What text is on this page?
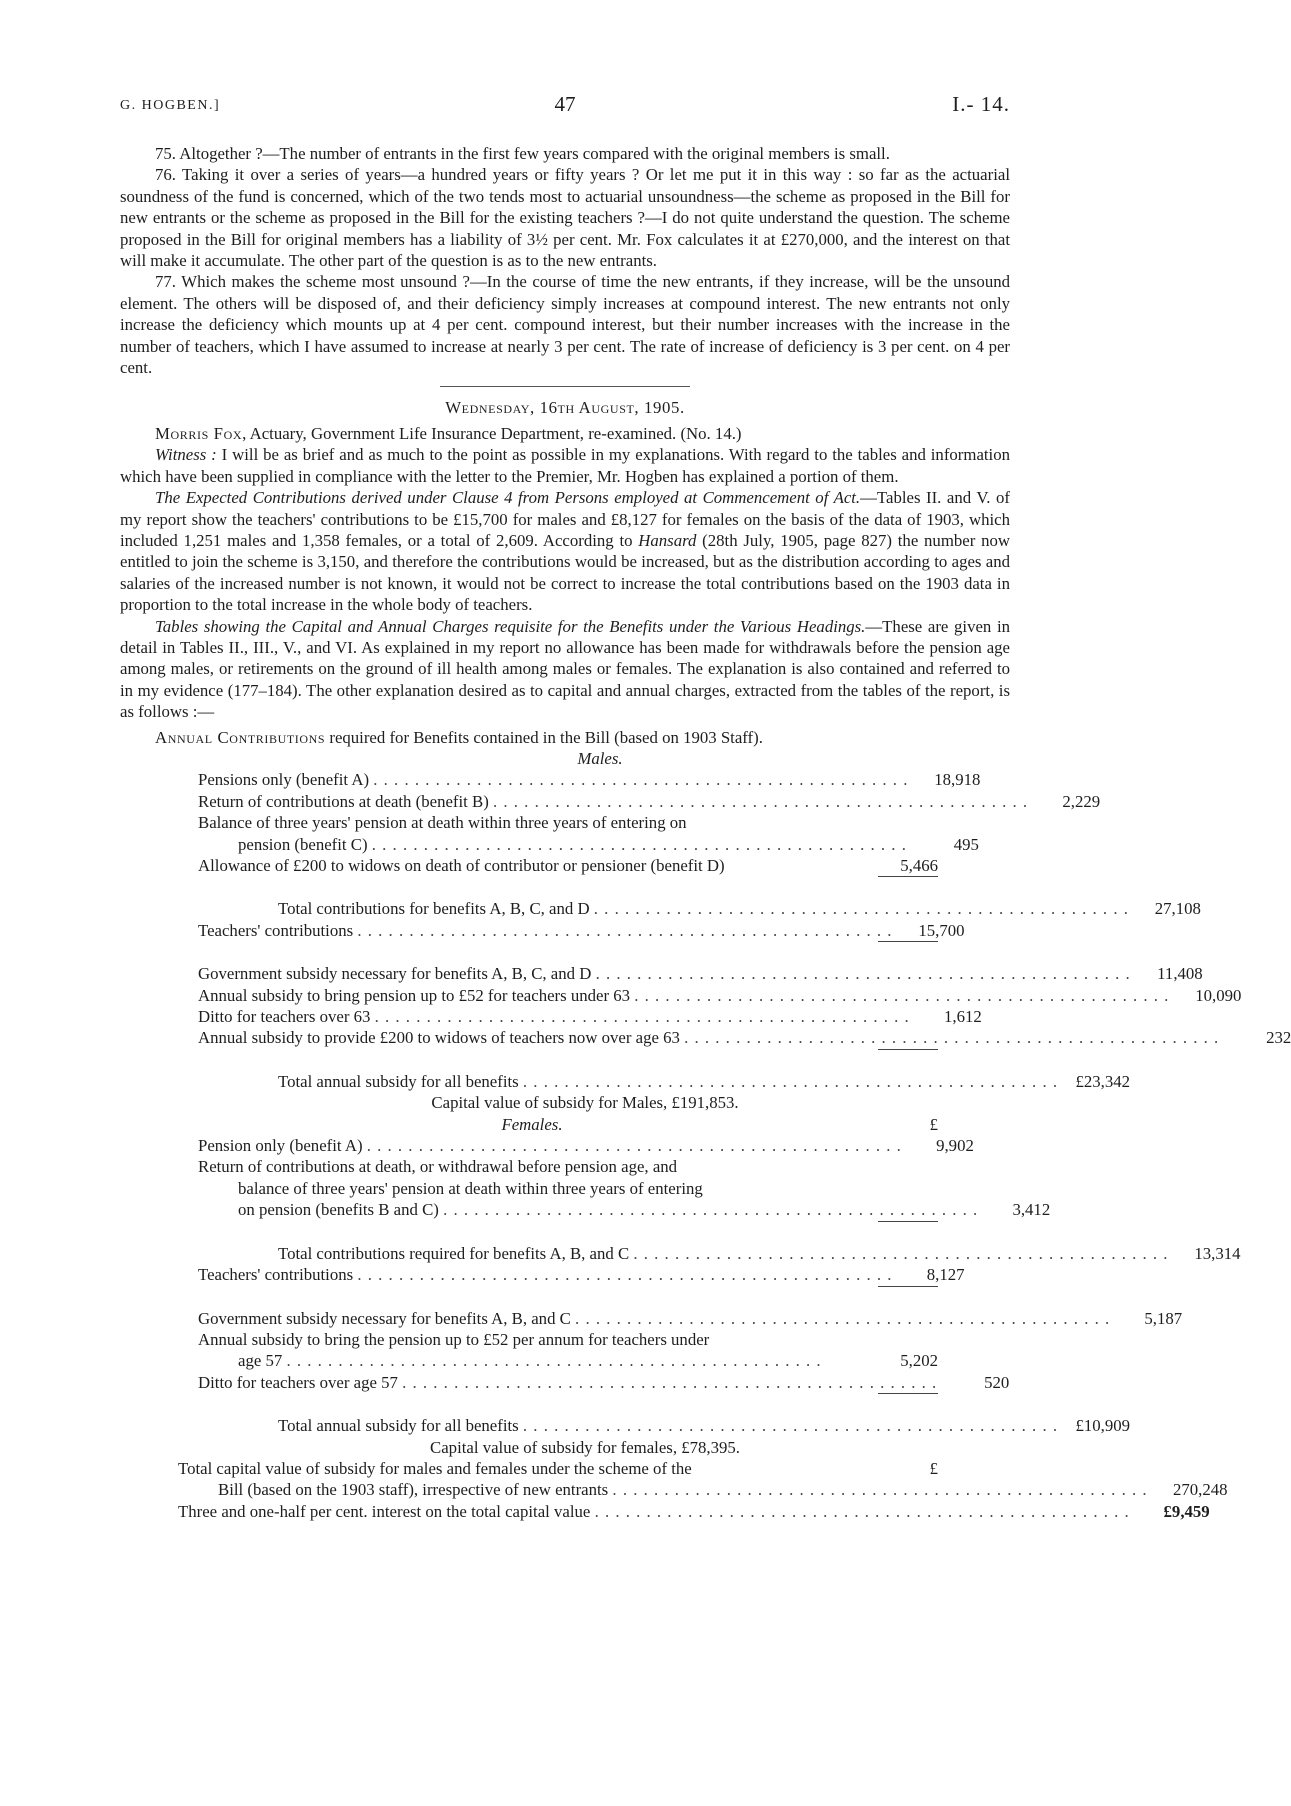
G. HOGBEN.]	47	I.- 14.

75. Altogether ?—The number of entrants in the first few years compared with the original members is small.

76. Taking it over a series of years—a hundred years or fifty years ? Or let me put it in this way : so far as the actuarial soundness of the fund is concerned, which of the two tends most to actuarial unsoundness—the scheme as proposed in the Bill for new entrants or the scheme as proposed in the Bill for the existing teachers ?—I do not quite understand the question. The scheme proposed in the Bill for original members has a liability of 3½ per cent. Mr. Fox calculates it at £270,000, and the interest on that will make it accumulate. The other part of the question is as to the new entrants.

77. Which makes the scheme most unsound ?—In the course of time the new entrants, if they increase, will be the unsound element. The others will be disposed of, and their deficiency simply increases at compound interest. The new entrants not only increase the deficiency which mounts up at 4 per cent. compound interest, but their number increases with the increase in the number of teachers, which I have assumed to increase at nearly 3 per cent. The rate of increase of deficiency is 3 per cent. on 4 per cent.

Wednesday, 16th August, 1905.

Morris Fox, Actuary, Government Life Insurance Department, re-examined. (No. 14.)

Witness : I will be as brief and as much to the point as possible in my explanations. With regard to the tables and information which have been supplied in compliance with the letter to the Premier, Mr. Hogben has explained a portion of them.

The Expected Contributions derived under Clause 4 from Persons employed at Commencement of Act.—Tables II. and V. of my report show the teachers' contributions to be £15,700 for males and £8,127 for females on the basis of the data of 1903, which included 1,251 males and 1,358 females, or a total of 2,609. According to Hansard (28th July, 1905, page 827) the number now entitled to join the scheme is 3,150, and therefore the contributions would be increased, but as the distribution according to ages and salaries of the increased number is not known, it would not be correct to increase the total contributions based on the 1903 data in proportion to the total increase in the whole body of teachers.

Tables showing the Capital and Annual Charges requisite for the Benefits under the Various Headings.—These are given in detail in Tables II., III., V., and VI. As explained in my report no allowance has been made for withdrawals before the pension age among males, or retirements on the ground of ill health among males or females. The explanation is also contained and referred to in my evidence (177–184). The other explanation desired as to capital and annual charges, extracted from the tables of the report, is as follows :—

Annual Contributions required for Benefits contained in the Bill (based on 1903 Staff).
Males.
Pensions only (benefit A) . . . . . . . . . . . . . . . . . . . . . . . . . . . . . . . . . . . . . . . . . . . . . . . . . . . .	18,918
Return of contributions at death (benefit B) . . . . . . . . . . . . . . . . . . . . . . . . . . . . . . . . . . . . . . . . . . . . . . . . . . . .	2,229
Balance of three years' pension at death within three years of entering on
pension (benefit C) . . . . . . . . . . . . . . . . . . . . . . . . . . . . . . . . . . . . . . . . . . . . . . . . . . . .	495
Allowance of £200 to widows on death of contributor or pensioner (benefit D)	5,466
Total contributions for benefits A, B, C, and D . . . . . . . . . . . . . . . . . . . . . . . . . . . . . . . . . . . . . . . . . . . . . . . . . . . .	27,108
Teachers' contributions . . . . . . . . . . . . . . . . . . . . . . . . . . . . . . . . . . . . . . . . . . . . . . . . . . . .	15,700
Government subsidy necessary for benefits A, B, C, and D . . . . . . . . . . . . . . . . . . . . . . . . . . . . . . . . . . . . . . . . . . . . . . . . . . . .	11,408
Annual subsidy to bring pension up to £52 for teachers under 63 . . . . . . . . . . . . . . . . . . . . . . . . . . . . . . . . . . . . . . . . . . . . . . . . . . . .	10,090
Ditto for teachers over 63 . . . . . . . . . . . . . . . . . . . . . . . . . . . . . . . . . . . . . . . . . . . . . . . . . . . .	1,612
Annual subsidy to provide £200 to widows of teachers now over age 63 . . . . . . . . . . . . . . . . . . . . . . . . . . . . . . . . . . . . . . . . . . . . . . . . . . . .	232
Total annual subsidy for all benefits . . . . . . . . . . . . . . . . . . . . . . . . . . . . . . . . . . . . . . . . . . . . . . . . . . . .	£23,342
Capital value of subsidy for Males, £191,853.
Females.	£
Pension only (benefit A) . . . . . . . . . . . . . . . . . . . . . . . . . . . . . . . . . . . . . . . . . . . . . . . . . . . .	9,902
Return of contributions at death, or withdrawal before pension age, and
balance of three years' pension at death within three years of entering
on pension (benefits B and C) . . . . . . . . . . . . . . . . . . . . . . . . . . . . . . . . . . . . . . . . . . . . . . . . . . . .	3,412
Total contributions required for benefits A, B, and C . . . . . . . . . . . . . . . . . . . . . . . . . . . . . . . . . . . . . . . . . . . . . . . . . . . .	13,314
Teachers' contributions . . . . . . . . . . . . . . . . . . . . . . . . . . . . . . . . . . . . . . . . . . . . . . . . . . . .	8,127
Government subsidy necessary for benefits A, B, and C . . . . . . . . . . . . . . . . . . . . . . . . . . . . . . . . . . . . . . . . . . . . . . . . . . . .	5,187
Annual subsidy to bring the pension up to £52 per annum for teachers under
age 57 . . . . . . . . . . . . . . . . . . . . . . . . . . . . . . . . . . . . . . . . . . . . . . . . . . . .	5,202
Ditto for teachers over age 57 . . . . . . . . . . . . . . . . . . . . . . . . . . . . . . . . . . . . . . . . . . . . . . . . . . . .	520
Total annual subsidy for all benefits . . . . . . . . . . . . . . . . . . . . . . . . . . . . . . . . . . . . . . . . . . . . . . . . . . . .	£10,909
Capital value of subsidy for females, £78,395.
Total capital value of subsidy for males and females under the scheme of the	£
Bill (based on the 1903 staff), irrespective of new entrants . . . . . . . . . . . . . . . . . . . . . . . . . . . . . . . . . . . . . . . . . . . . . . . . . . . .	270,248
Three and one-half per cent. interest on the total capital value . . . . . . . . . . . . . . . . . . . . . . . . . . . . . . . . . . . . . . . . . . . . . . . . . . . .	£9,459
